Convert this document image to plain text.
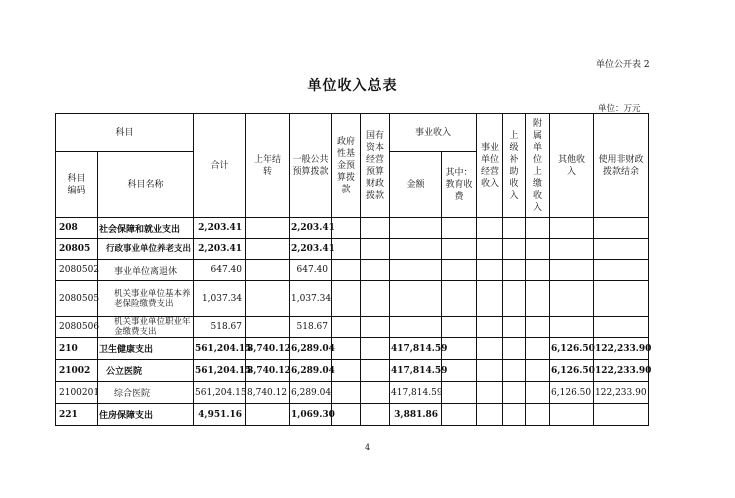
单位公开表 2
单位收入总表
单位：万元
科目		合计	上年结转	一般公共预算拨款	政府性基金预算拨款	国有资本经营预算财政拨款	事业收入		事业单位经营收入	上级补助收入	附属单位上缴收入	其他收入	使用非财政拨款结余

科目编码	科目名称						金额	其中：教育收费					

208	社会保障和就业支出	2,203.41		2,203.41									
20805	行政事业单位养老支出	2,203.41		2,203.41									
2080502	事业单位离退休	647.40		647.40									
2080505	机关事业单位基本养老保险缴费支出	1,037.34		1,037.34									
2080506	机关事业单位职业年金缴费支出	518.67		518.67									
210	卫生健康支出	561,204.15	8,740.12	6,289.04			417,814.59					6,126.50	122,233.90
21002	公立医院	561,204.15	8,740.12	6,289.04			417,814.59					6,126.50	122,233.90
2100201	综合医院	561,204.15	8,740.12	6,289.04			417,814.59					6,126.50	122,233.90
221	住房保障支出	4,951.16		1,069.30			3,881.86						
4
